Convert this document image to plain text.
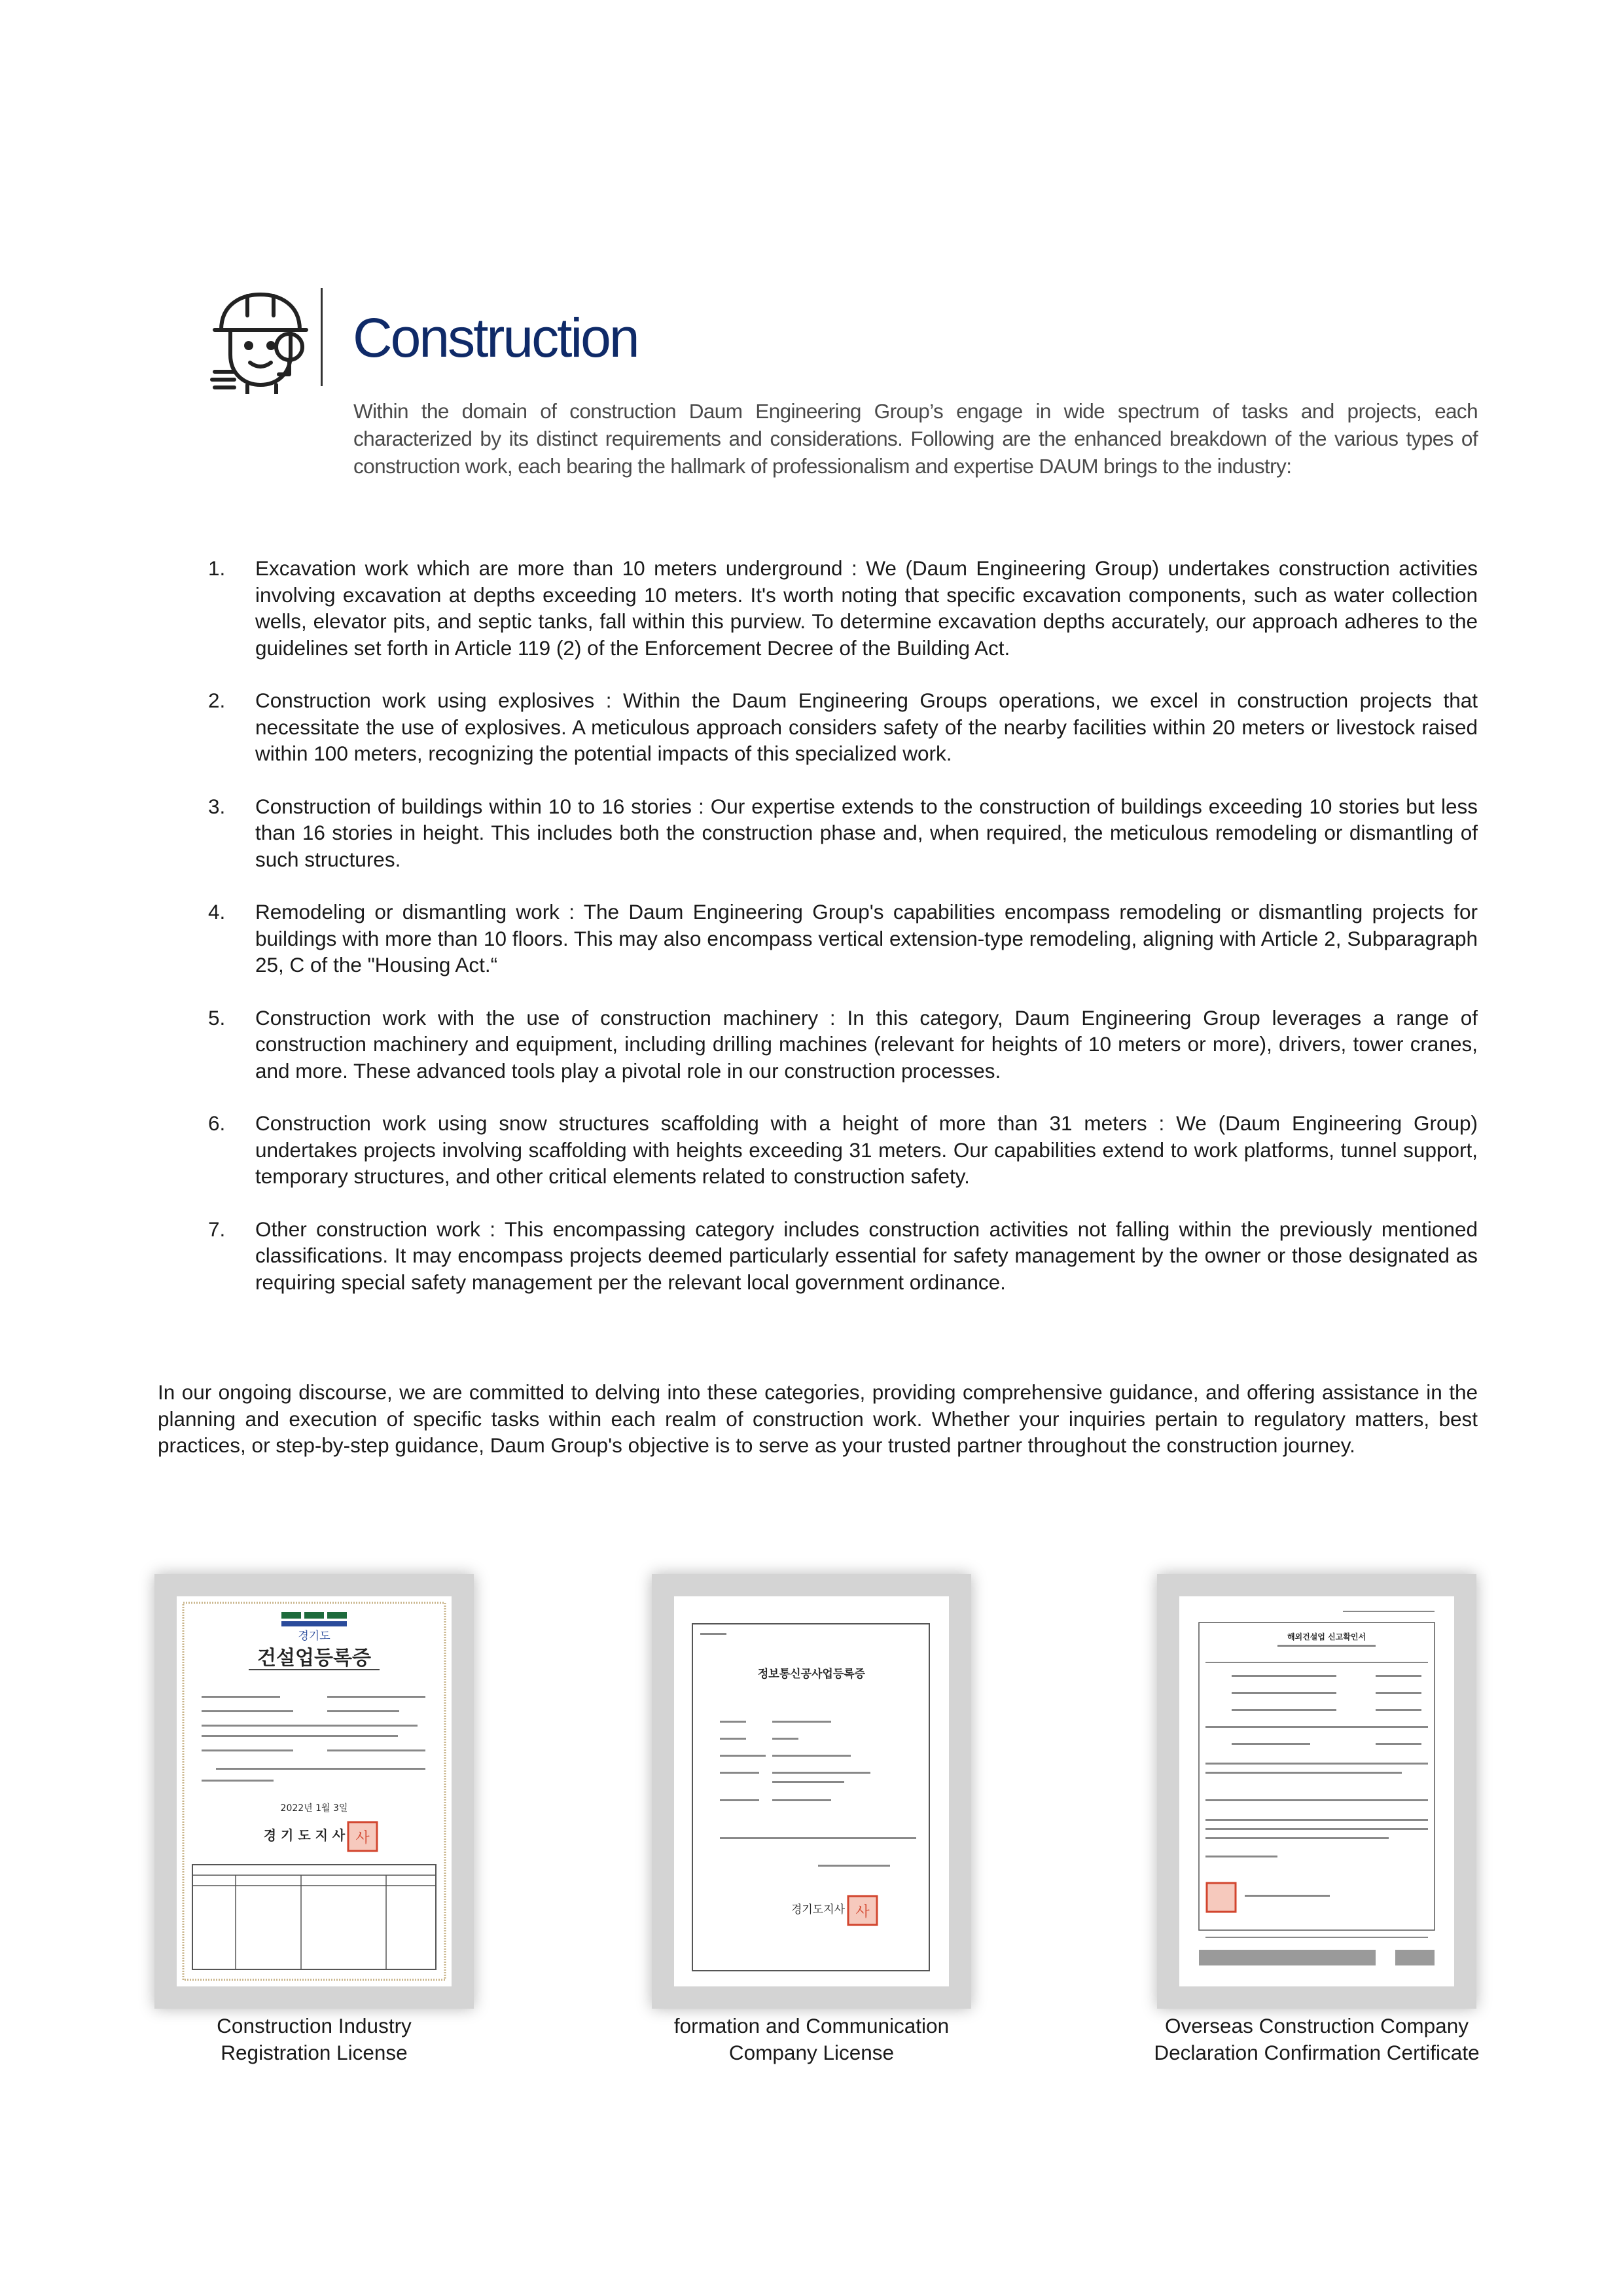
Construction

Within the domain of construction Daum Engineering Group’s engage in wide spectrum of tasks and projects, each characterized by its distinct requirements and considerations. Following are the enhanced breakdown of the various types of construction work, each bearing the hallmark of professionalism and expertise DAUM brings to the industry:

1. Excavation work which are more than 10 meters underground : We (Daum Engineering Group) undertakes construction activities involving excavation at depths exceeding 10 meters. It's worth noting that specific excavation components, such as water collection wells, elevator pits, and septic tanks, fall within this purview. To determine excavation depths accurately, our approach adheres to the guidelines set forth in Article 119 (2) of the Enforcement Decree of the Building Act.
2. Construction work using explosives : Within the Daum Engineering Groups operations, we excel in construction projects that necessitate the use of explosives. A meticulous approach considers safety of the nearby facilities within 20 meters or livestock raised within 100 meters, recognizing the potential impacts of this specialized work.
3. Construction of buildings within 10 to 16 stories : Our expertise extends to the construction of buildings exceeding 10 stories but less than 16 stories in height. This includes both the construction phase and, when required, the meticulous remodeling or dismantling of such structures.
4. Remodeling or dismantling work : The Daum Engineering Group's capabilities encompass remodeling or dismantling projects for buildings with more than 10 floors. This may also encompass vertical extension-type remodeling, aligning with Article 2, Subparagraph 25, C of the "Housing Act.“
5. Construction work with the use of construction machinery : In this category, Daum Engineering Group leverages a range of construction machinery and equipment, including drilling machines (relevant for heights of 10 meters or more), drivers, tower cranes, and more. These advanced tools play a pivotal role in our construction processes.
6. Construction work using snow structures scaffolding with a height of more than 31 meters : We (Daum Engineering Group) undertakes projects involving scaffolding with heights exceeding 31 meters. Our capabilities extend to work platforms, tunnel support, temporary structures, and other critical elements related to construction safety.
7. Other construction work : This encompassing category includes construction activities not falling within the previously mentioned classifications. It may encompass projects deemed particularly essential for safety management by the owner or those designated as requiring special safety management per the relevant local government ordinance.

In our ongoing discourse, we are committed to delving into these categories, providing comprehensive guidance, and offering assistance in the planning and execution of specific tasks within each realm of construction work. Whether your inquiries pertain to regulatory matters, best practices, or step-by-step guidance, Daum Group's objective is to serve as your trusted partner throughout the construction journey.

경기도
건설업등록증
2022년 1월 3일
경 기 도 지 사 사
Construction Industry
Registration License
정보통신공사업등록증
경기도지사 사
formation and Communication
Company License
해외건설업 신고확인서
Overseas Construction Company
Declaration Confirmation Certificate
